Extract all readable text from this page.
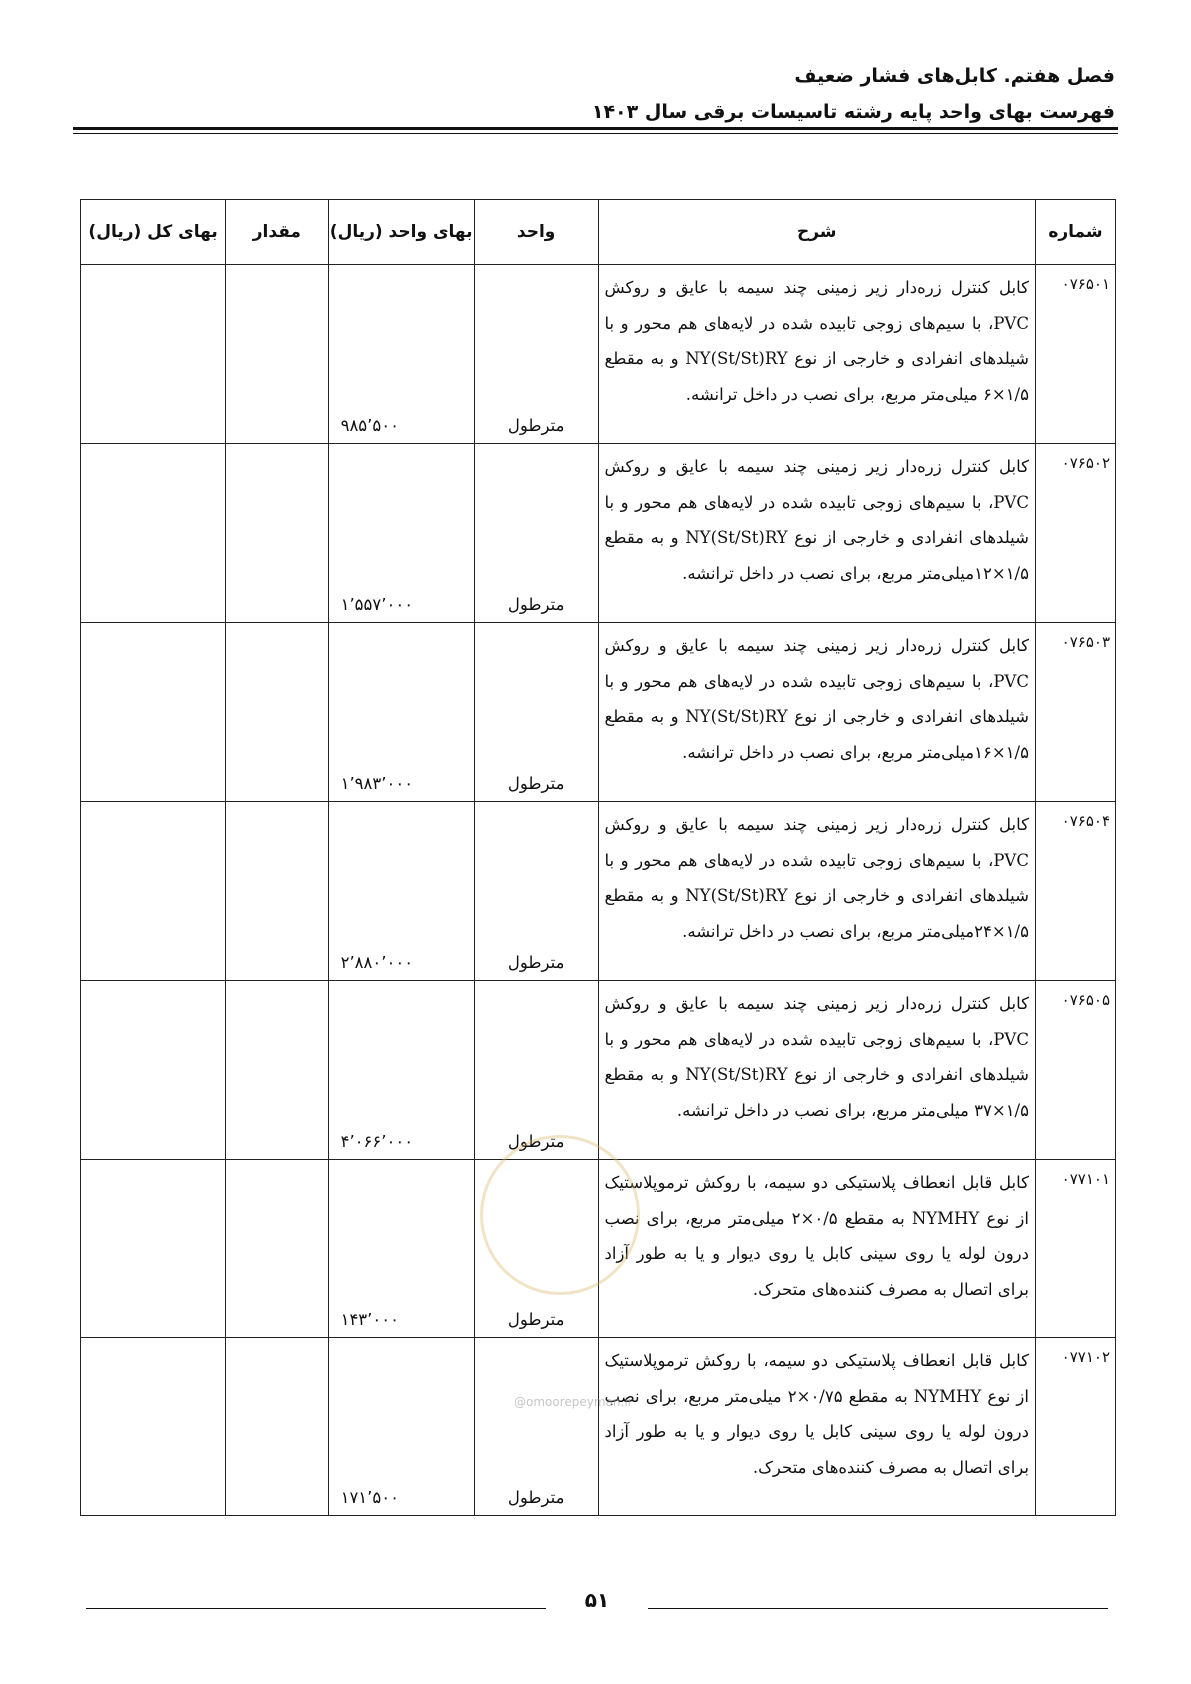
فصل هفتم. کابل‌های فشار ضعیف
فهرست بهای واحد پایه رشته تاسیسات برقی سال ۱۴۰۳
شماره	شرح	واحد	بهای واحد (ریال)	مقدار	بهای کل (ریال)
۰۷۶۵۰۱	کابل کنترل زره‌دار زیر زمینی چند سیمه با عایق و روکش PVC، با سیم‌های زوجی تابیده شده در لایه‌های هم محور و با شیلدهای انفرادی و خارجی از نوع NY(St/St)RY و به مقطع ۱/۵×۶ میلی‌متر مربع، برای نصب در داخل ترانشه.	مترطول	۹۸۵٬۵۰۰		
۰۷۶۵۰۲	کابل کنترل زره‌دار زیر زمینی چند سیمه با عایق و روکش PVC، با سیم‌های زوجی تابیده شده در لایه‌های هم محور و با شیلدهای انفرادی و خارجی از نوع NY(St/St)RY و به مقطع ۱/۵×۱۲میلی‌متر مربع، برای نصب در داخل ترانشه.	مترطول	۱٬۵۵۷٬۰۰۰		
۰۷۶۵۰۳	کابل کنترل زره‌دار زیر زمینی چند سیمه با عایق و روکش PVC، با سیم‌های زوجی تابیده شده در لایه‌های هم محور و با شیلدهای انفرادی و خارجی از نوع NY(St/St)RY و به مقطع ۱/۵×۱۶میلی‌متر مربع، برای نصب در داخل ترانشه.	مترطول	۱٬۹۸۳٬۰۰۰		
۰۷۶۵۰۴	کابل کنترل زره‌دار زیر زمینی چند سیمه با عایق و روکش PVC، با سیم‌های زوجی تابیده شده در لایه‌های هم محور و با شیلدهای انفرادی و خارجی از نوع NY(St/St)RY و به مقطع ۱/۵×۲۴میلی‌متر مربع، برای نصب در داخل ترانشه.	مترطول	۲٬۸۸۰٬۰۰۰		
۰۷۶۵۰۵	کابل کنترل زره‌دار زیر زمینی چند سیمه با عایق و روکش PVC، با سیم‌های زوجی تابیده شده در لایه‌های هم محور و با شیلدهای انفرادی و خارجی از نوع NY(St/St)RY و به مقطع ۱/۵×۳۷ میلی‌متر مربع، برای نصب در داخل ترانشه.	مترطول	۴٬۰۶۶٬۰۰۰		
۰۷۷۱۰۱	کابل قابل انعطاف پلاستیکی دو سیمه، با روکش ترموپلاستیک از نوع NYMHY به مقطع ۰/۵×۲ میلی‌متر مربع، برای نصب درون لوله یا روی سینی کابل یا روی دیوار و یا به طور آزاد برای اتصال به مصرف کننده‌های متحرک.	مترطول	۱۴۳٬۰۰۰		
۰۷۷۱۰۲	کابل قابل انعطاف پلاستیکی دو سیمه، با روکش ترموپلاستیک از نوع NYMHY به مقطع ۰/۷۵×۲ میلی‌متر مربع، برای نصب درون لوله یا روی سینی کابل یا روی دیوار و یا به طور آزاد برای اتصال به مصرف کننده‌های متحرک.	مترطول	۱۷۱٬۵۰۰		
@omoorepeyman.ir
۵۱
